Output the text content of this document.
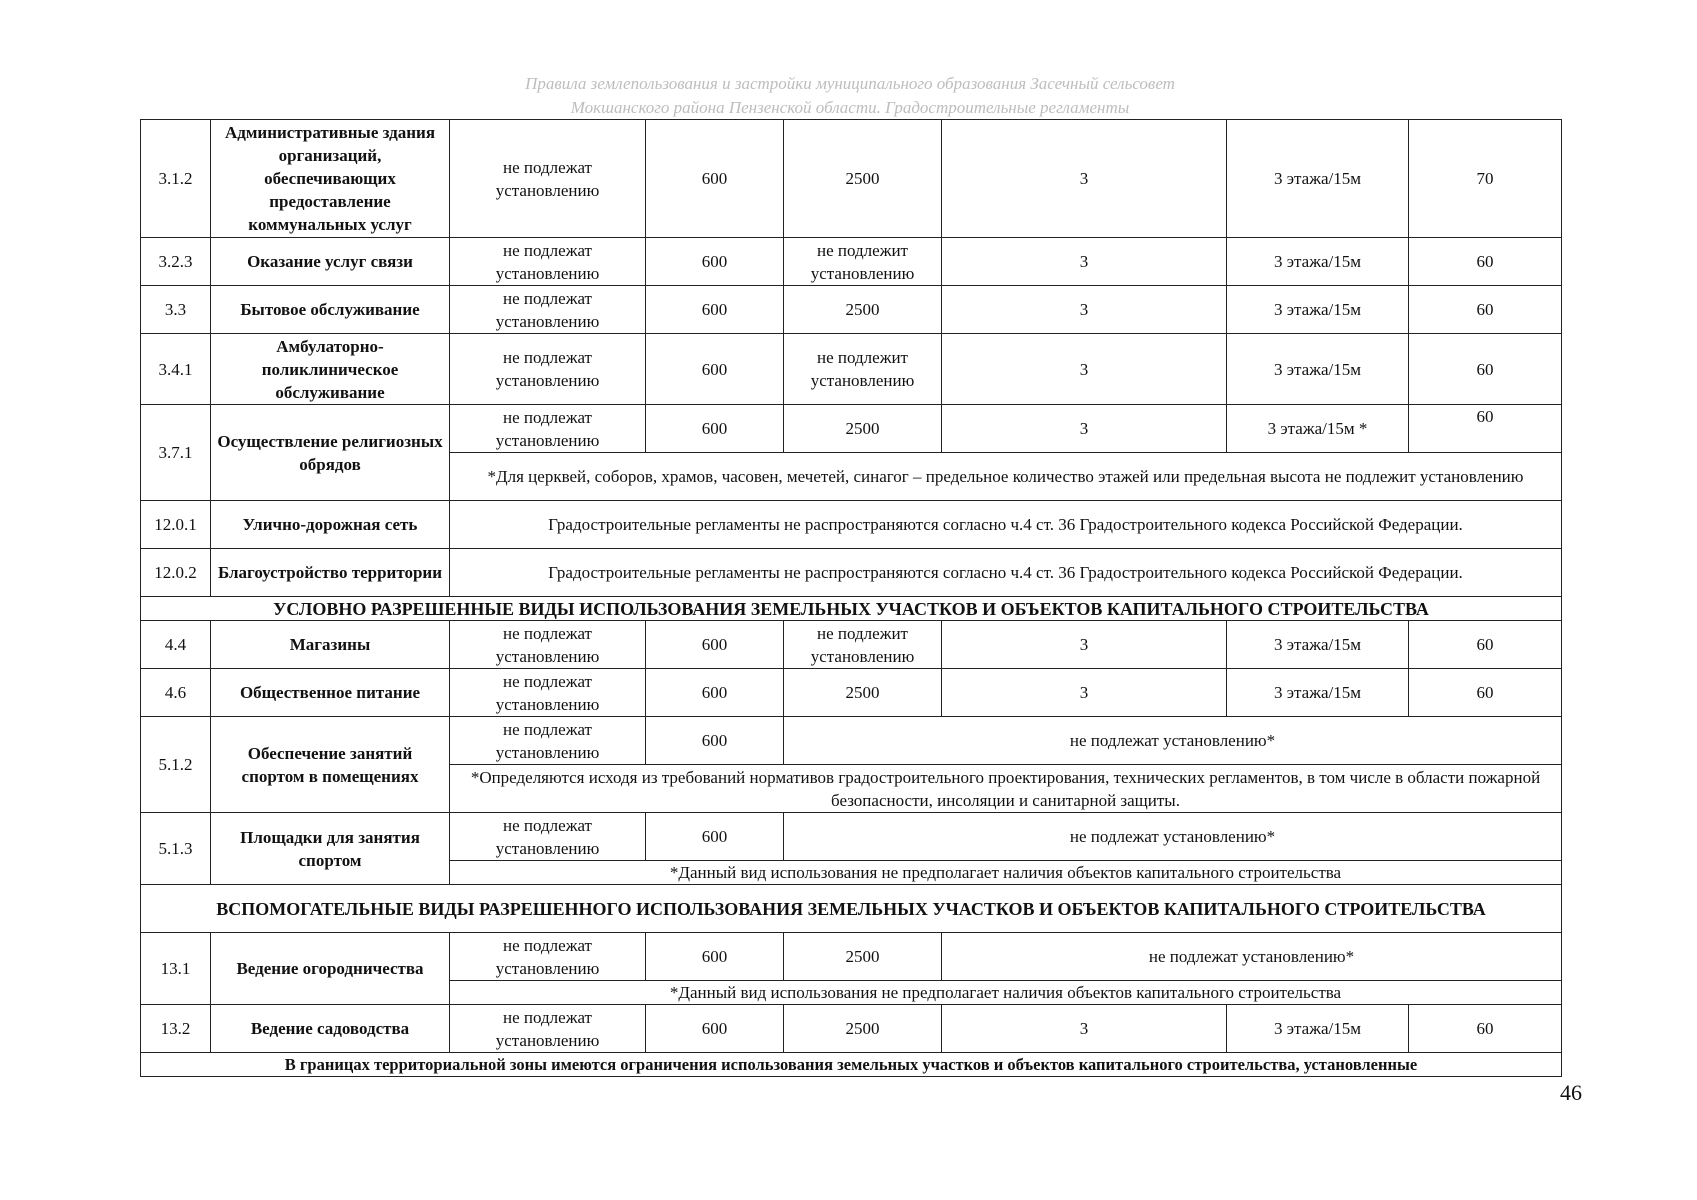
Правила землепользования и застройки муниципального образования Засечный сельсовет
Мокшанского района Пензенской области. Градостроительные регламенты
3.1.2	Административные здания организаций, обеспечивающих предоставление коммунальных услуг	не подлежат установлению	600	2500	3	3 этажа/15м	70
3.2.3	Оказание услуг связи	не подлежат установлению	600	не подлежит установлению	3	3 этажа/15м	60
3.3	Бытовое обслуживание	не подлежат установлению	600	2500	3	3 этажа/15м	60
3.4.1	Амбулаторно-поликлиническое обслуживание	не подлежат установлению	600	не подлежит установлению	3	3 этажа/15м	60
3.7.1	Осуществление религиозных обрядов	не подлежат установлению	600	2500	3	3 этажа/15м *	60
		*Для церквей, соборов, храмов, часовен, мечетей, синагог – предельное количество этажей или предельная высота не подлежит установлению					
12.0.1	Улично-дорожная сеть	Градостроительные регламенты не распространяются согласно ч.4 ст. 36 Градостроительного кодекса Российской Федерации.					
12.0.2	Благоустройство территории	Градостроительные регламенты не распространяются согласно ч.4 ст. 36 Градостроительного кодекса Российской Федерации.					
УСЛОВНО РАЗРЕШЕННЫЕ ВИДЫ ИСПОЛЬЗОВАНИЯ ЗЕМЕЛЬНЫХ УЧАСТКОВ И ОБЪЕКТОВ КАПИТАЛЬНОГО СТРОИТЕЛЬСТВА							
4.4	Магазины	не подлежат установлению	600	не подлежит установлению	3	3 этажа/15м	60
4.6	Общественное питание	не подлежат установлению	600	2500	3	3 этажа/15м	60
5.1.2	Обеспечение занятий спортом в помещениях	не подлежат установлению	600	не подлежат установлению*			
		*Определяются исходя из требований нормативов градостроительного проектирования, технических регламентов, в том числе в области пожарной безопасности, инсоляции и санитарной защиты.					
5.1.3	Площадки для занятия спортом	не подлежат установлению	600	не подлежат установлению*			
		*Данный вид использования не предполагает наличия объектов капитального строительства					
ВСПОМОГАТЕЛЬНЫЕ ВИДЫ РАЗРЕШЕННОГО ИСПОЛЬЗОВАНИЯ ЗЕМЕЛЬНЫХ УЧАСТКОВ И ОБЪЕКТОВ КАПИТАЛЬНОГО СТРОИТЕЛЬСТВА							
13.1	Ведение огородничества	не подлежат установлению	600	2500	не подлежат установлению*		
		*Данный вид использования не предполагает наличия объектов капитального строительства					
13.2	Ведение садоводства	не подлежат установлению	600	2500	3	3 этажа/15м	60
В границах территориальной зоны имеются ограничения использования земельных участков и объектов капитального строительства, установленные							
46
